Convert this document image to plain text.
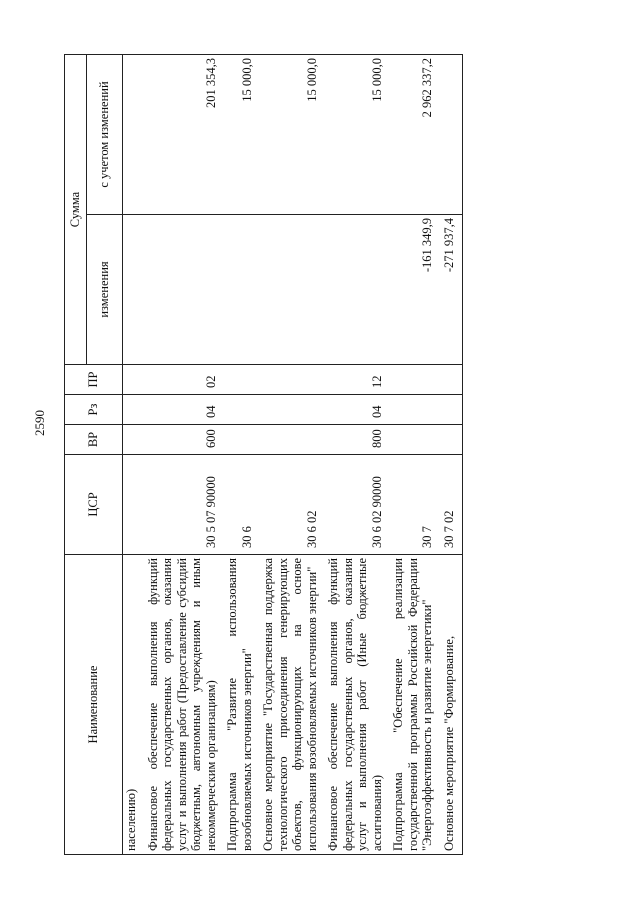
2590
Наименование	ЦСР	ВР	Рз	ПР	Сумма	
					изменения	с учетом изменений
населению)						
Финансовое обеспечение выполнения функций федеральных государственных органов, оказания услуг и выполнения работ (Предоставление субсидий бюджетным, автономным учреждениям и иным некоммерческим организациям)	30 5 07 90000	600	04	02		201 354,3
Подпрограмма "Развитие использования возобновляемых источников энергии"	30 6					15 000,0
Основное мероприятие "Государственная поддержка технологического присоединения генерирующих объектов, функционирующих на основе использования возобновляемых источников энергии"	30 6 02					15 000,0
Финансовое обеспечение выполнения функций федеральных государственных органов, оказания услуг и выполнения работ (Иные бюджетные ассигнования)	30 6 02 90000	800	04	12		15 000,0
Подпрограмма "Обеспечение реализации государственной программы Российской Федерации "Энергоэффективность и развитие энергетики"	30 7				-161 349,9	2 962 337,2
Основное мероприятие "Формирование,	30 7 02				-271 937,4	
